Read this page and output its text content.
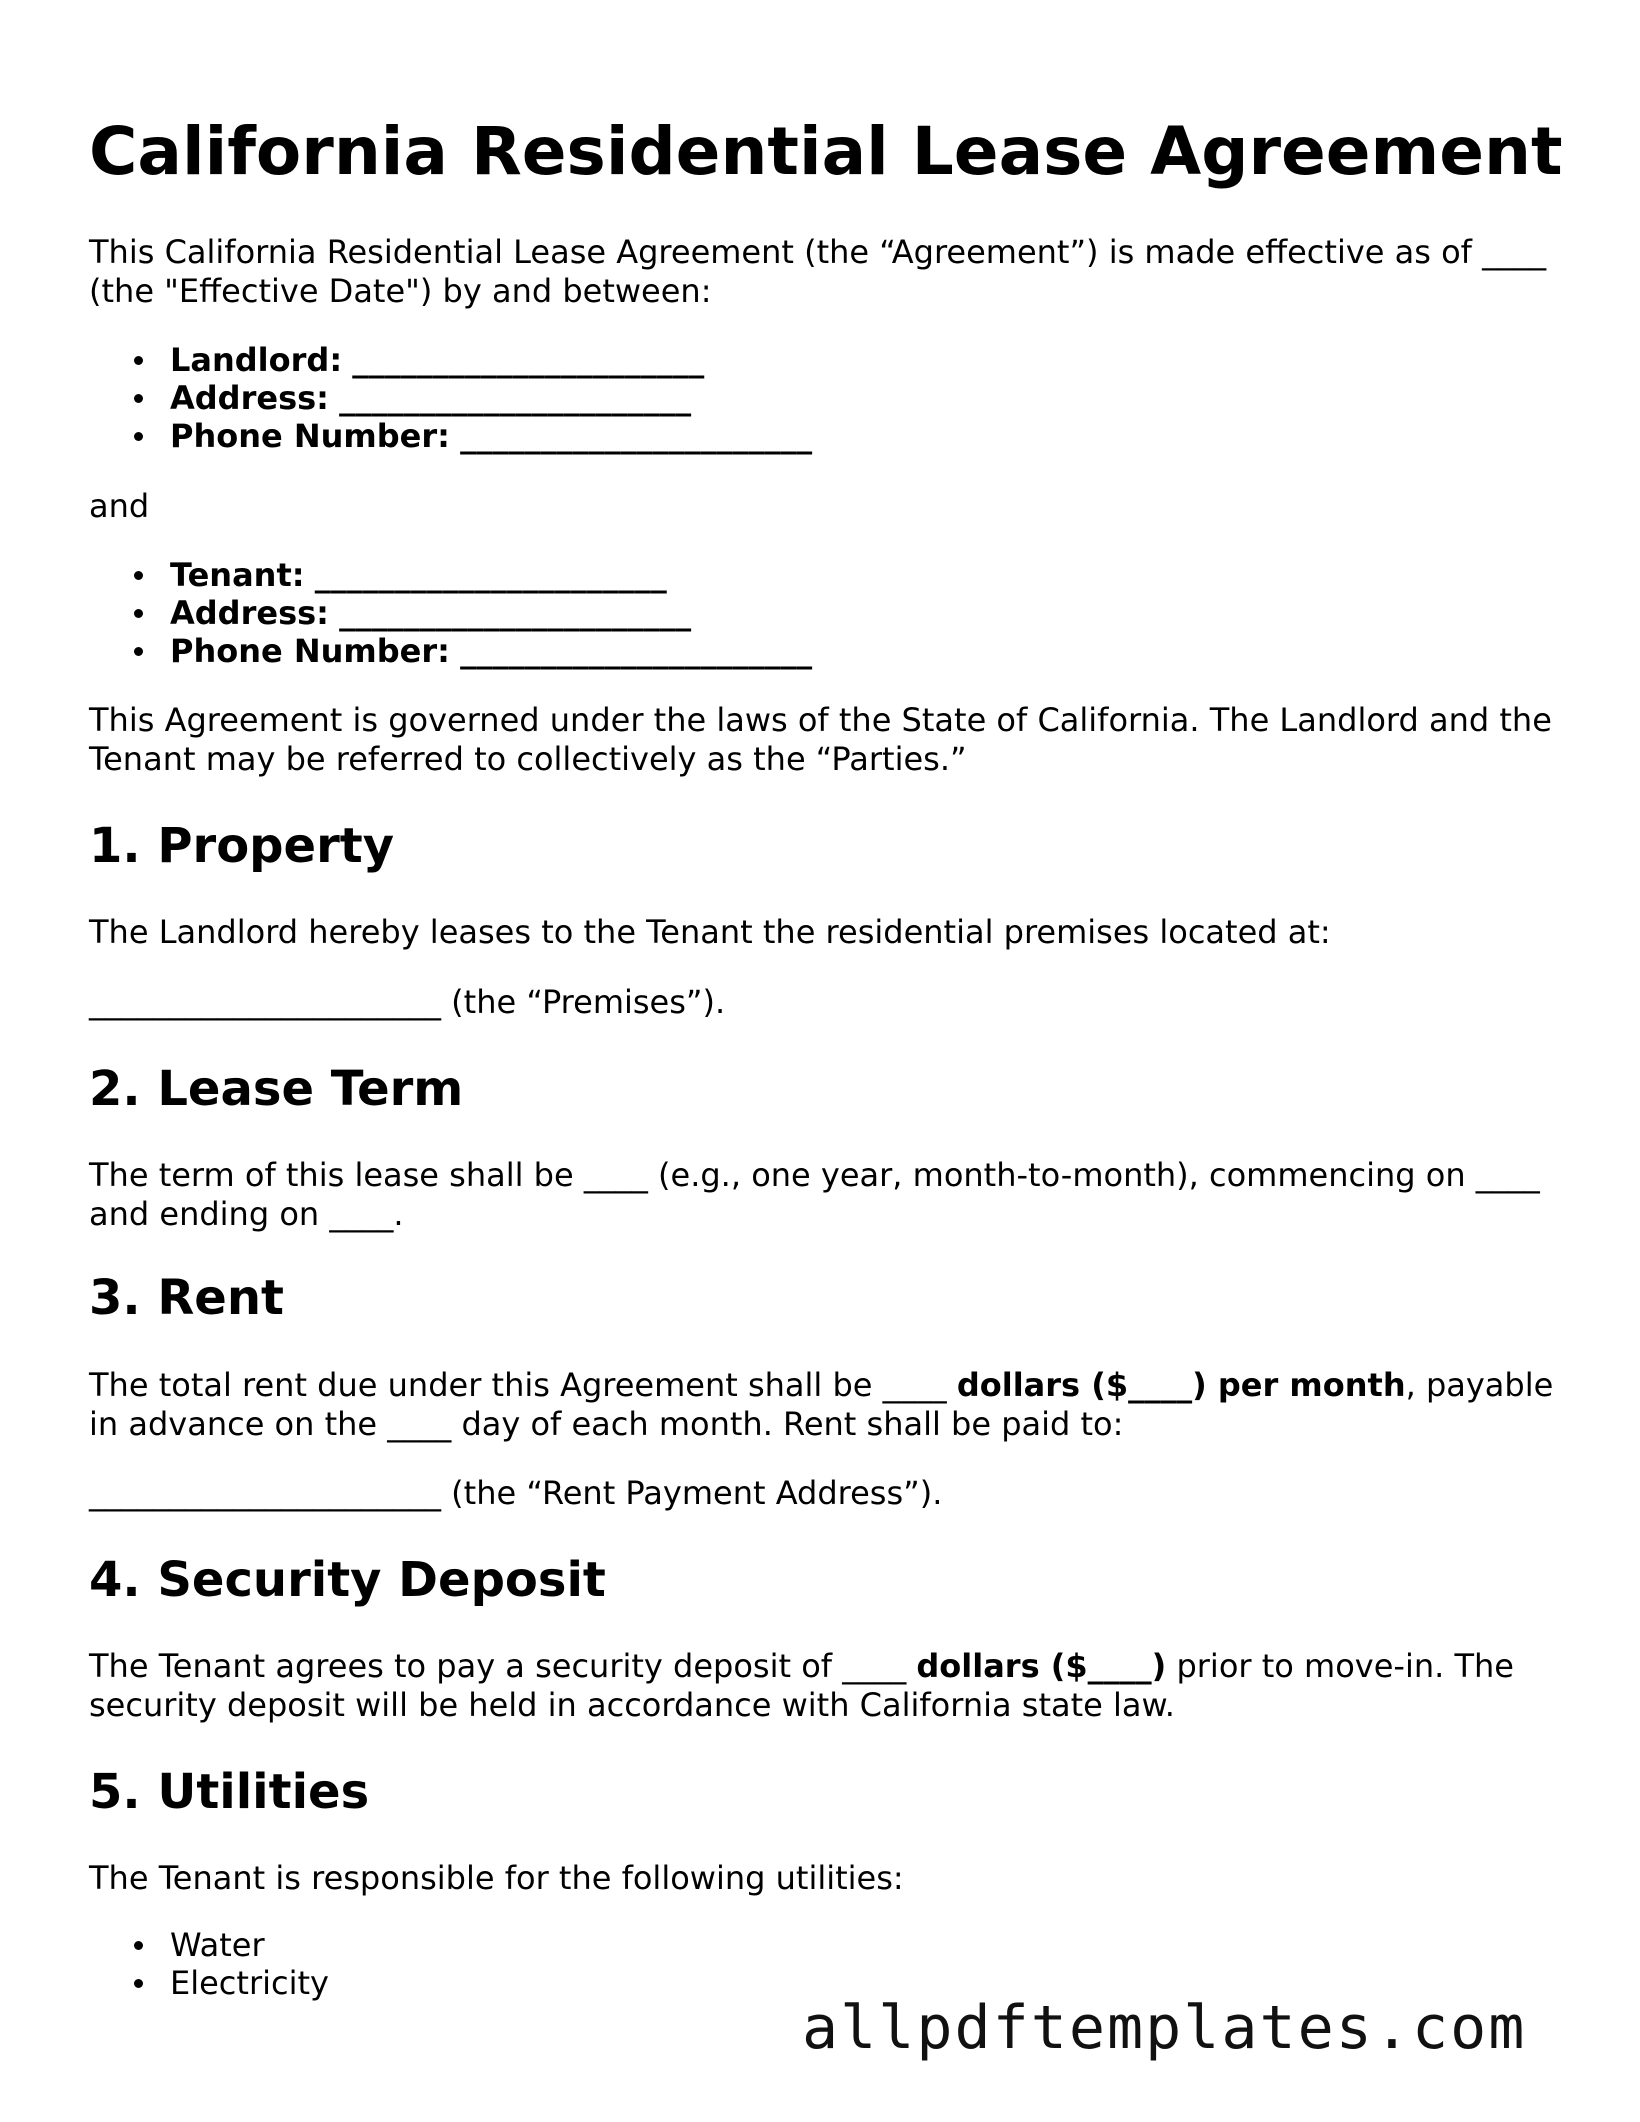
California Residential Lease Agreement

This California Residential Lease Agreement (the “Agreement”) is made effective as of ____ (the "Effective Date") by and between:

Landlord: ______________________
Address: ______________________
Phone Number: ______________________

and

Tenant: ______________________
Address: ______________________
Phone Number: ______________________

This Agreement is governed under the laws of the State of California. The Landlord and the Tenant may be referred to collectively as the “Parties.”

1. Property

The Landlord hereby leases to the Tenant the residential premises located at:

______________________ (the “Premises”).

2. Lease Term

The term of this lease shall be ____ (e.g., one year, month-to-month), commencing on ____ and ending on ____.

3. Rent

The total rent due under this Agreement shall be ____ dollars ($____) per month, payable in advance on the ____ day of each month. Rent shall be paid to:

______________________ (the “Rent Payment Address”).

4. Security Deposit

The Tenant agrees to pay a security deposit of ____ dollars ($____) prior to move-in. The security deposit will be held in accordance with California state law.

5. Utilities

The Tenant is responsible for the following utilities:

Water
Electricity

allpdftemplates.com
